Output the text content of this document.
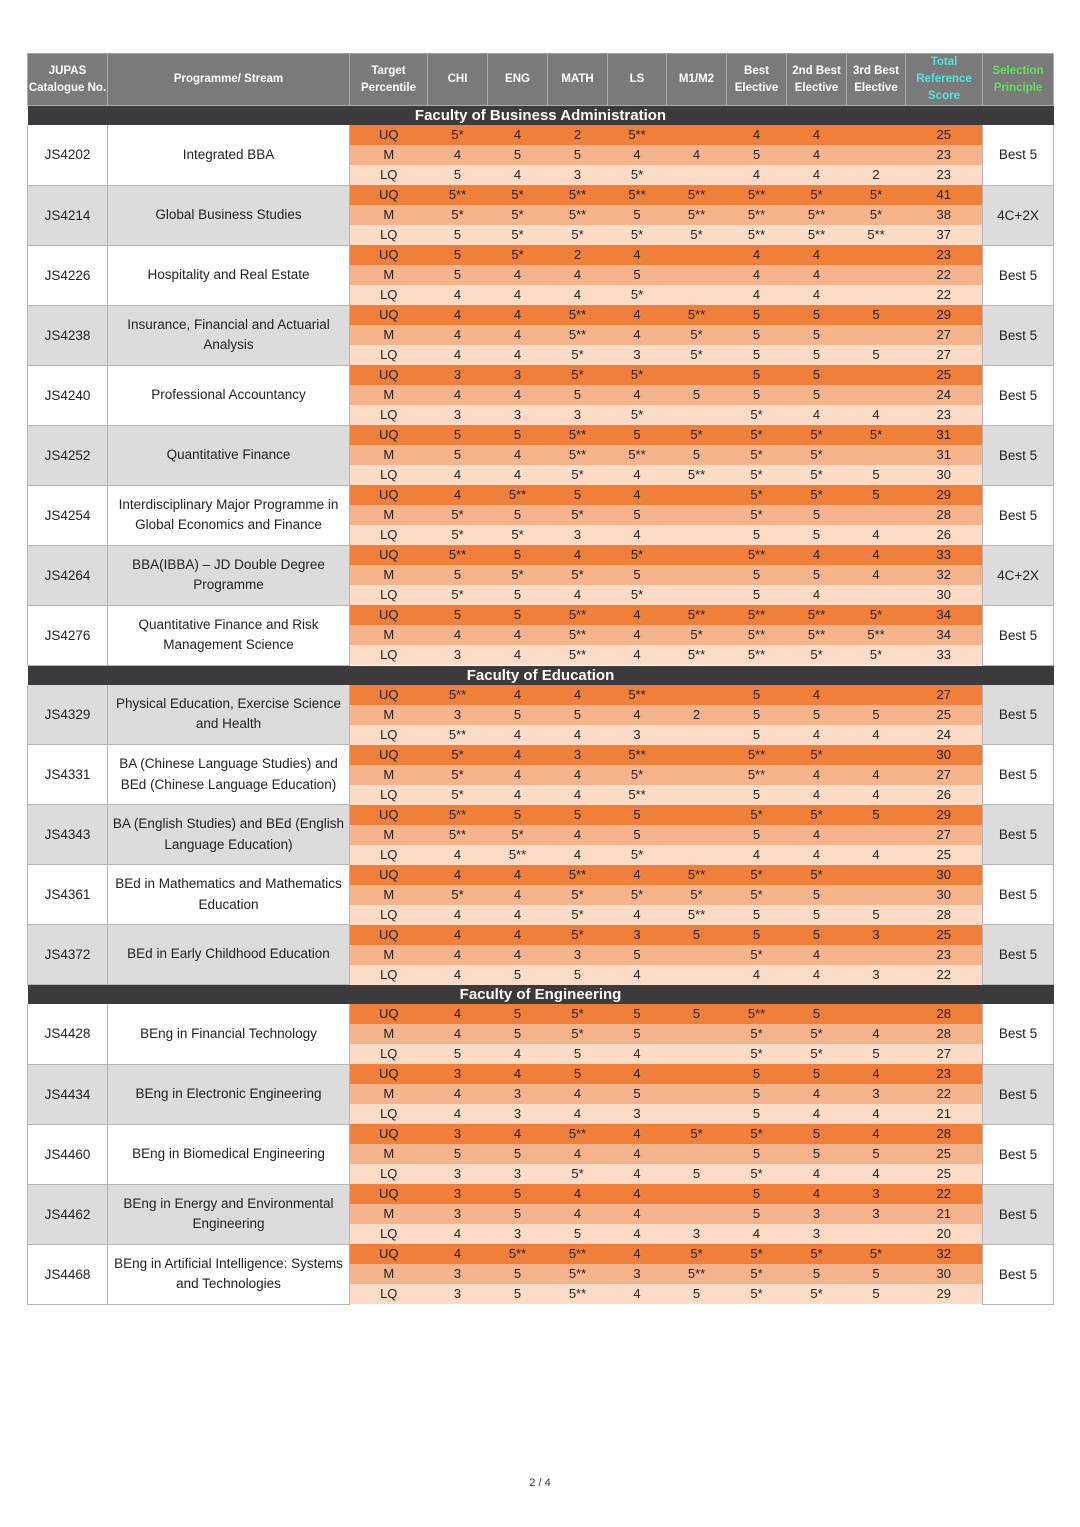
JUPAS Catalogue No.	Programme/ Stream	Target Percentile	CHI	ENG	MATH	LS	M1/M2	Best Elective	2nd Best Elective	3rd Best Elective	Total Reference Score	Selection Principle
Faculty of Business Administration												
JS4202	Integrated BBA	UQ	5*	4	2	5**		4	4		25	Best 5
		M	4	5	5	4	4	5	4		23	
		LQ	5	4	3	5*		4	4	2	23	
JS4214	Global Business Studies	UQ	5**	5*	5**	5**	5**	5**	5*	5*	41	4C+2X
		M	5*	5*	5**	5	5**	5**	5**	5*	38	
		LQ	5	5*	5*	5*	5*	5**	5**	5**	37	
JS4226	Hospitality and Real Estate	UQ	5	5*	2	4		4	4		23	Best 5
		M	5	4	4	5		4	4		22	
		LQ	4	4	4	5*		4	4		22	
JS4238	Insurance, Financial and Actuarial Analysis	UQ	4	4	5**	4	5**	5	5	5	29	Best 5
		M	4	4	5**	4	5*	5	5		27	
		LQ	4	4	5*	3	5*	5	5	5	27	
JS4240	Professional Accountancy	UQ	3	3	5*	5*		5	5		25	Best 5
		M	4	4	5	4	5	5	5		24	
		LQ	3	3	3	5*		5*	4	4	23	
JS4252	Quantitative Finance	UQ	5	5	5**	5	5*	5*	5*	5*	31	Best 5
		M	5	4	5**	5**	5	5*	5*		31	
		LQ	4	4	5*	4	5**	5*	5*	5	30	
JS4254	Interdisciplinary Major Programme in Global Economics and Finance	UQ	4	5**	5	4		5*	5*	5	29	Best 5
		M	5*	5	5*	5		5*	5		28	
		LQ	5*	5*	3	4		5	5	4	26	
JS4264	BBA(IBBA) – JD Double Degree Programme	UQ	5**	5	4	5*		5**	4	4	33	4C+2X
		M	5	5*	5*	5		5	5	4	32	
		LQ	5*	5	4	5*		5	4		30	
JS4276	Quantitative Finance and Risk Management Science	UQ	5	5	5**	4	5**	5**	5**	5*	34	Best 5
		M	4	4	5**	4	5*	5**	5**	5**	34	
		LQ	3	4	5**	4	5**	5**	5*	5*	33	
Faculty of Education												
JS4329	Physical Education, Exercise Science and Health	UQ	5**	4	4	5**		5	4		27	Best 5
		M	3	5	5	4	2	5	5	5	25	
		LQ	5**	4	4	3		5	4	4	24	
JS4331	BA (Chinese Language Studies) and BEd (Chinese Language Education)	UQ	5*	4	3	5**		5**	5*		30	Best 5
		M	5*	4	4	5*		5**	4	4	27	
		LQ	5*	4	4	5**		5	4	4	26	
JS4343	BA (English Studies) and BEd (English Language Education)	UQ	5**	5	5	5		5*	5*	5	29	Best 5
		M	5**	5*	4	5		5	4		27	
		LQ	4	5**	4	5*		4	4	4	25	
JS4361	BEd in Mathematics and Mathematics Education	UQ	4	4	5**	4	5**	5*	5*		30	Best 5
		M	5*	4	5*	5*	5*	5*	5		30	
		LQ	4	4	5*	4	5**	5	5	5	28	
JS4372	BEd in Early Childhood Education	UQ	4	4	5*	3	5	5	5	3	25	Best 5
		M	4	4	3	5		5*	4		23	
		LQ	4	5	5	4		4	4	3	22	
Faculty of Engineering												
JS4428	BEng in Financial Technology	UQ	4	5	5*	5	5	5**	5		28	Best 5
		M	4	5	5*	5		5*	5*	4	28	
		LQ	5	4	5	4		5*	5*	5	27	
JS4434	BEng in Electronic Engineering	UQ	3	4	5	4		5	5	4	23	Best 5
		M	4	3	4	5		5	4	3	22	
		LQ	4	3	4	3		5	4	4	21	
JS4460	BEng in Biomedical Engineering	UQ	3	4	5**	4	5*	5*	5	4	28	Best 5
		M	5	5	4	4		5	5	5	25	
		LQ	3	3	5*	4	5	5*	4	4	25	
JS4462	BEng in Energy and Environmental Engineering	UQ	3	5	4	4		5	4	3	22	Best 5
		M	3	5	4	4		5	3	3	21	
		LQ	4	3	5	4	3	4	3		20	
JS4468	BEng in Artificial Intelligence: Systems and Technologies	UQ	4	5**	5**	4	5*	5*	5*	5*	32	Best 5
		M	3	5	5**	3	5**	5*	5	5	30	
		LQ	3	5	5**	4	5	5*	5*	5	29	
2 / 4
